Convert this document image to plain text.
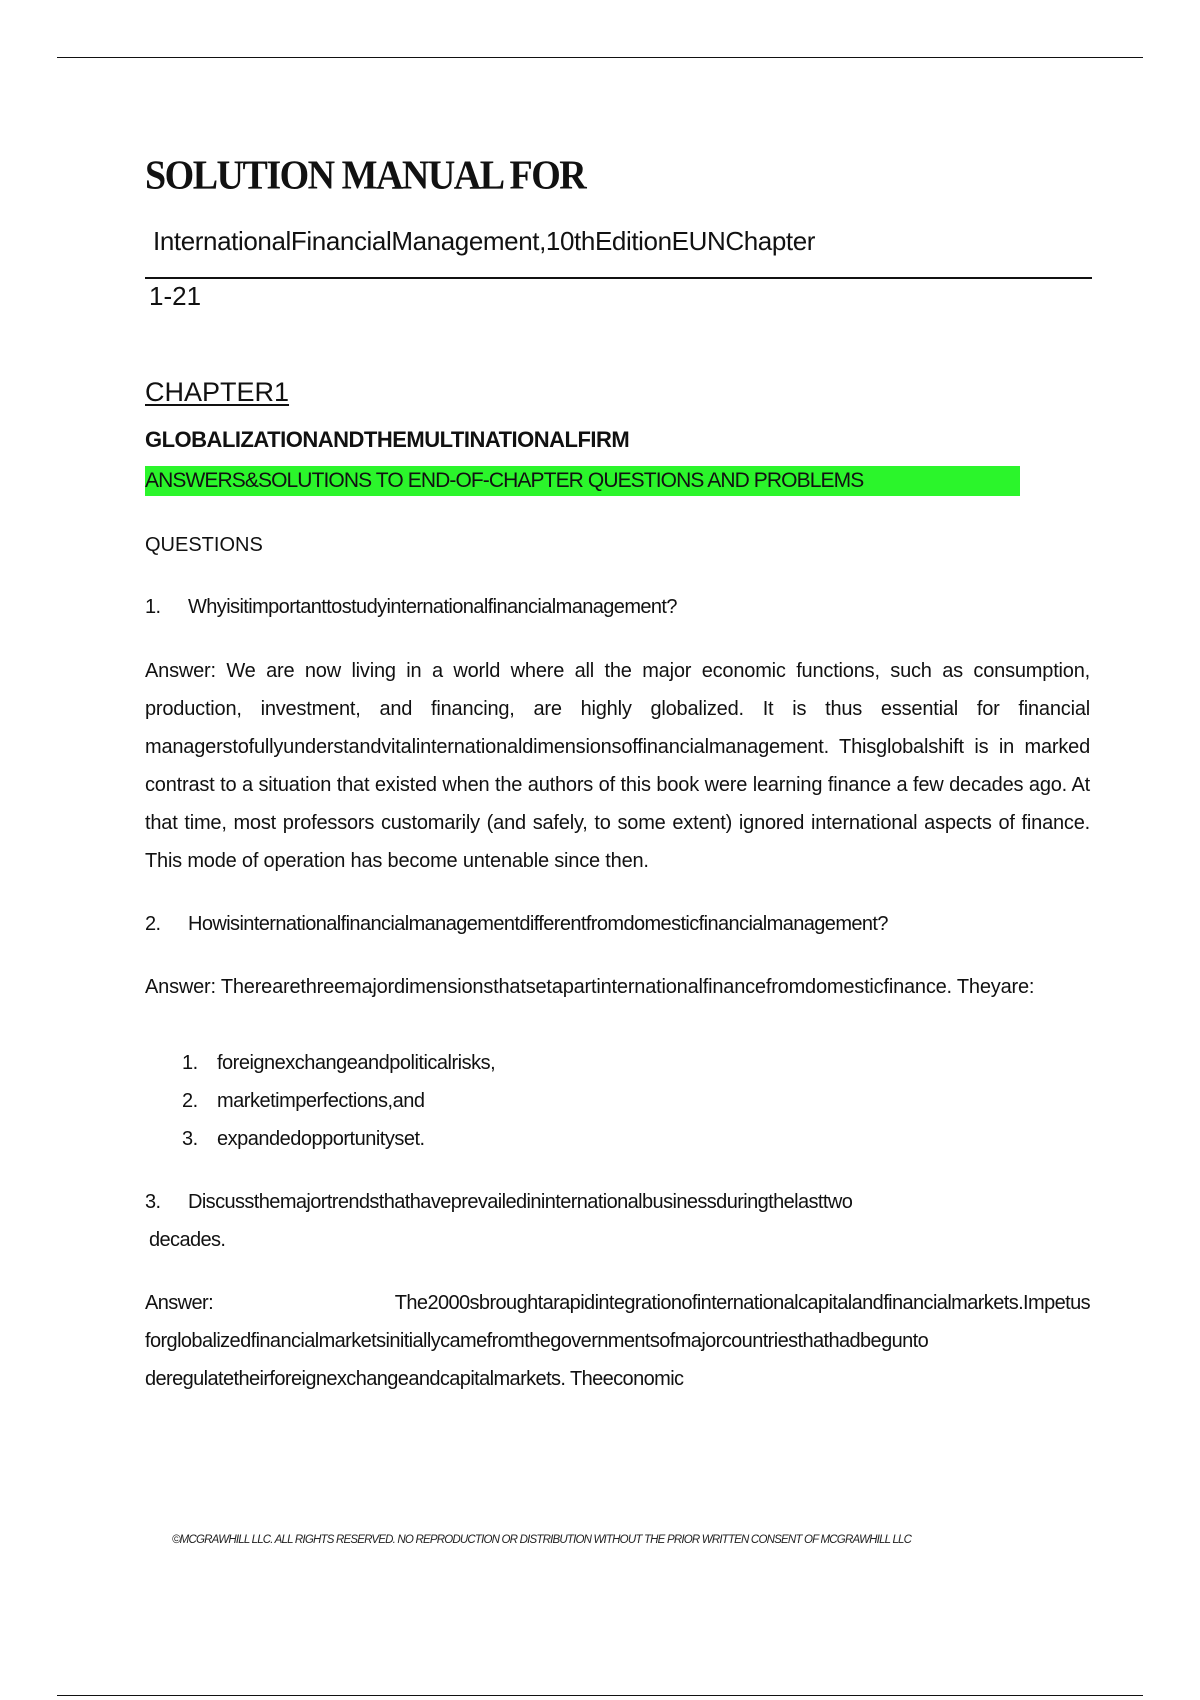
SOLUTION MANUAL FOR
InternationalFinancialManagement,10thEditionEUNChapter
1-21
CHAPTER1
GLOBALIZATIONANDTHEMULTINATIONALFIRM
ANSWERS&SOLUTIONS TO END-OF-CHAPTER QUESTIONS AND PROBLEMS
QUESTIONS
1. Whyisitimportanttostudyinternationalfinancialmanagement?

Answer: We are now living in a world where all the major economic functions, such as consumption, production, investment, and financing, are highly globalized. It is thus essential for financial managerstofullyunderstandvitalinternationaldimensionsoffinancialmanagement. Thisglobalshift is in marked contrast to a situation that existed when the authors of this book were learning finance a few decades ago. At that time, most professors customarily (and safely, to some extent) ignored international aspects of finance. This mode of operation has become untenable since then.

2. Howisinternationalfinancialmanagementdifferentfromdomesticfinancialmanagement?

Answer: Therearethreemajordimensionsthatsetapartinternationalfinancefromdomesticfinance. Theyare:

1. foreignexchangeandpoliticalrisks,
2. marketimperfections,and
3. expandedopportunityset.
3. Discussthemajortrendsthathaveprevailedininternationalbusinessduringthelasttwo
decades.

Answer: The2000sbroughtarapidintegrationofinternationalcapitalandfinancialmarkets.Impetus forglobalizedfinancialmarketsinitiallycamefromthegovernmentsofmajorcountriesthathadbegunto deregulatetheirforeignexchangeandcapitalmarkets. Theeconomic

©MCGRAWHILL LLC. ALL RIGHTS RESERVED. NO REPRODUCTION OR DISTRIBUTION WITHOUT THE PRIOR WRITTEN CONSENT OF MCGRAWHILL LLC
